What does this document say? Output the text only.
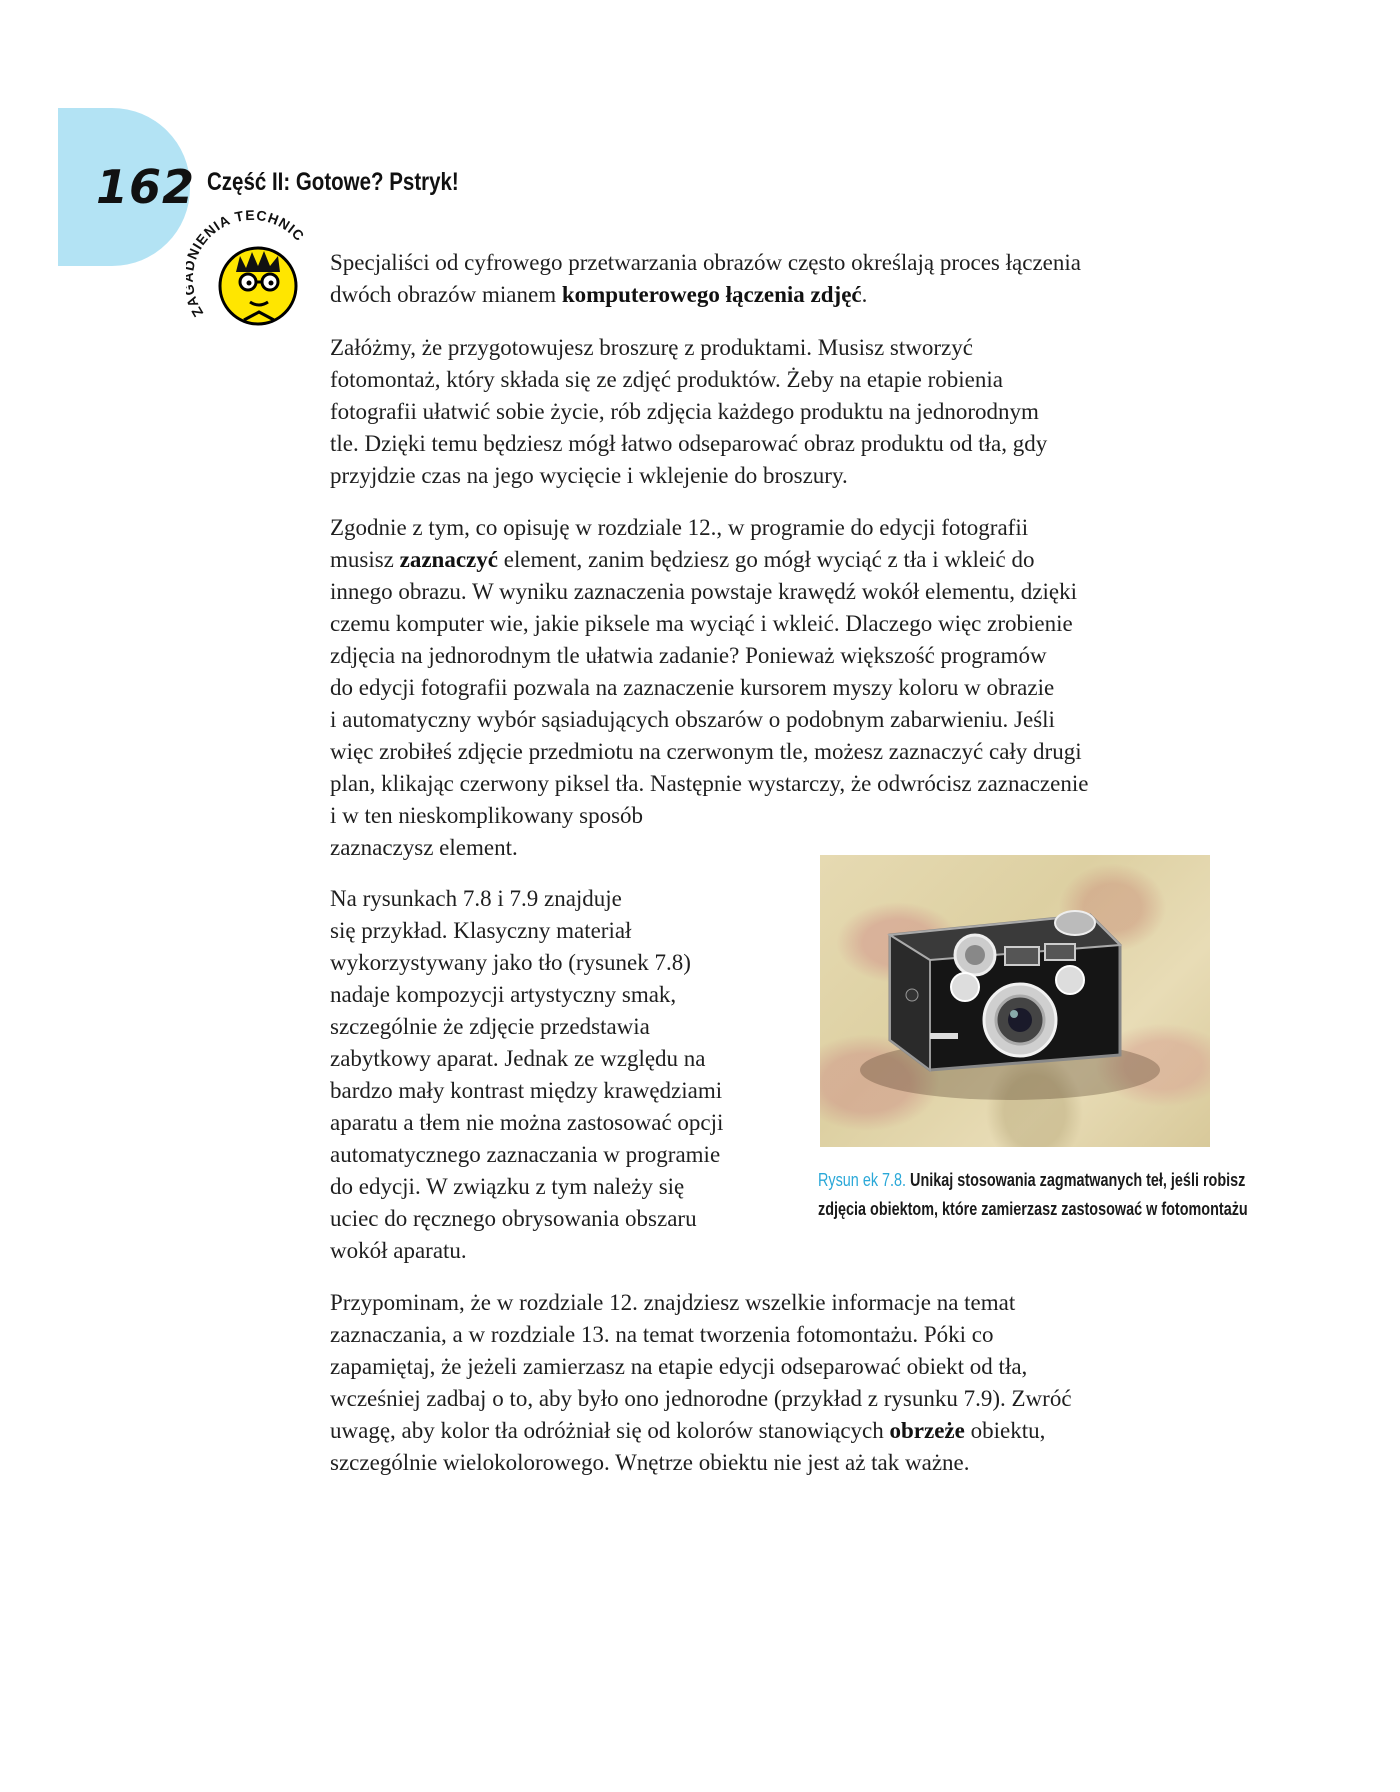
162 Część II: Gotowe? Pstryk!
Z IENIA TECHNIC
Specjaliści od cyfrowego przetwarzania obrazów często określają proces łączenia
dwóch obrazów mianem komputerowego łączenia zdjęć.
Załóżmy, że przygotowujesz broszurę z produktami. Musisz stworzyć
fotomontaż, który składa się ze zdjęć produktów. Żeby na etapie robienia
fotografii ułatwić sobie życie, rób zdjęcia każdego produktu na jednorodnym
tle. Dzięki temu będziesz mógł łatwo odseparować obraz produktu od tła, gdy
przyjdzie czas na jego wycięcie i wklejenie do broszury.
Zgodnie z tym, co opisuję w rozdziale 12., w programie do edycji fotografii
musisz zaznaczyć element, zanim będziesz go mógł wyciąć z tła i wkleić do
innego obrazu. W wyniku zaznaczenia powstaje krawędź wokół elementu, dzięki
czemu komputer wie, jakie piksele ma wyciąć i wkleić. Dlaczego więc zrobienie
zdjęcia na jednorodnym tle ułatwia zadanie? Ponieważ większość programów
do edycji fotografii pozwala na zaznaczenie kursorem myszy koloru w obrazie
i automatyczny wybór sąsiadujących obszarów o podobnym zabarwieniu. Jeśli
więc zrobiłeś zdjęcie przedmiotu na czerwonym tle, możesz zaznaczyć cały drugi
plan, klikając czerwony piksel tła. Następnie wystarczy, że odwrócisz zaznaczenie
i w ten nieskomplikowany sposób
zaznaczysz element.
Na rysunkach 7.8 i 7.9 znajduje
się przykład. Klasyczny materiał
wykorzystywany jako tło (rysunek 7.8)
nadaje kompozycji artystyczny smak,
szczególnie że zdjęcie przedstawia
zabytkowy aparat. Jednak ze względu na
bardzo mały kontrast między krawędziami
aparatu a tłem nie można zastosować opcji
automatycznego zaznaczania w programie
do edycji. W związku z tym należy się
uciec do ręcznego obrysowania obszaru
wokół aparatu.
Przypominam, że w rozdziale 12. znajdziesz wszelkie informacje na temat
zaznaczania, a w rozdziale 13. na temat tworzenia fotomontażu. Póki co
zapamiętaj, że jeżeli zamierzasz na etapie edycji odseparować obiekt od tła,
wcześniej zadbaj o to, aby było ono jednorodne (przykład z rysunku 7.9). Zwróć
uwagę, aby kolor tła odróżniał się od kolorów stanowiących obrzeże obiektu,
szczególnie wielokolorowego. Wnętrze obiektu nie jest aż tak ważne.
Rysun ek 7.8. Unikaj stosowania zagmatwanych teł, jeśli robisz
zdjęcia obiektom, które zamierzasz zastosować w fotomontażu
